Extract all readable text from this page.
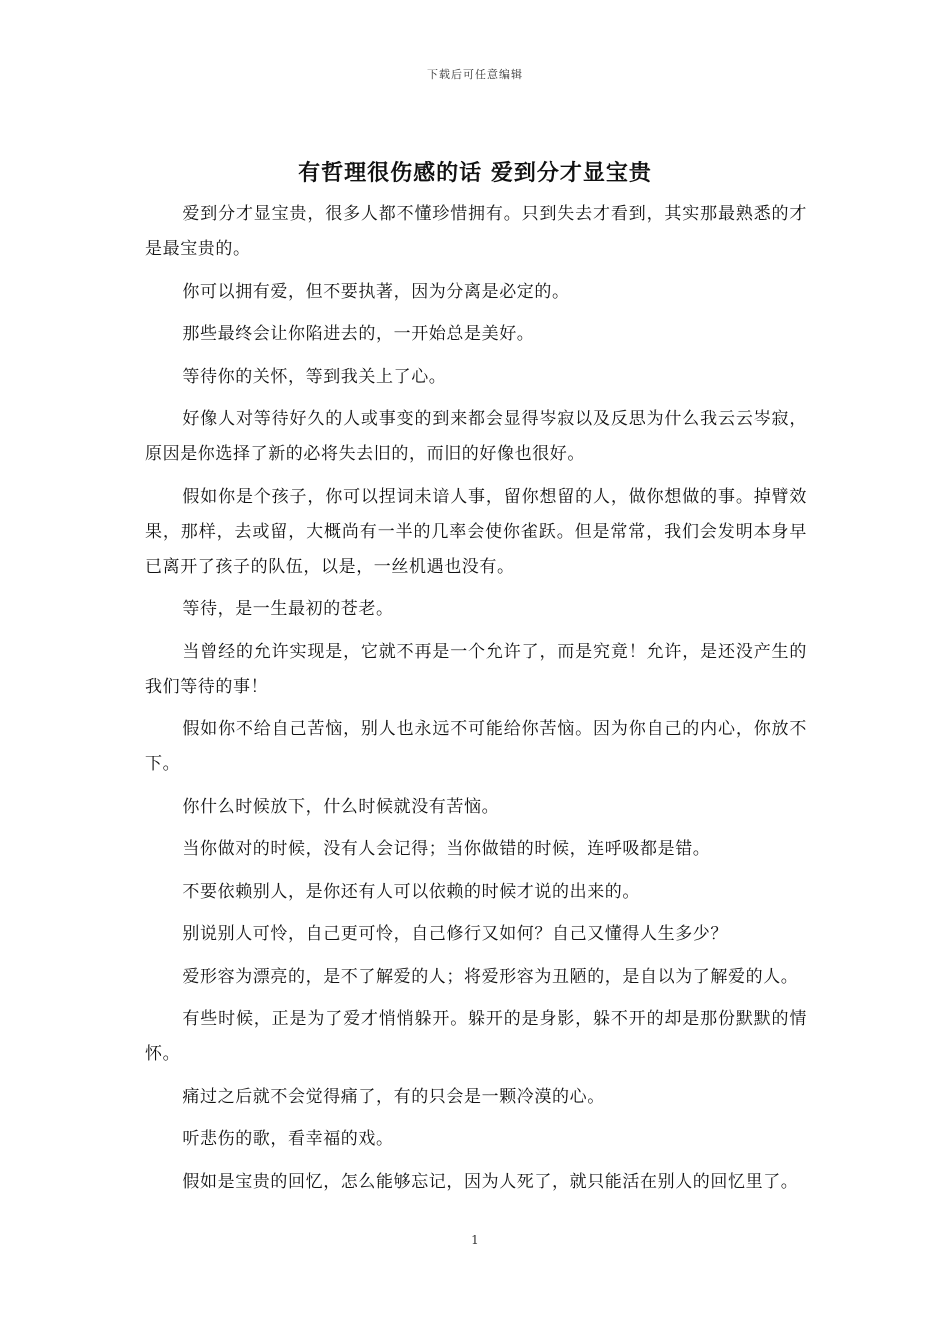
下载后可任意编辑
有哲理很伤感的话 爱到分才显宝贵

爱到分才显宝贵，很多人都不懂珍惜拥有。只到失去才看到，其实那最熟悉的才是最宝贵的。

你可以拥有爱，但不要执著，因为分离是必定的。

那些最终会让你陷进去的，一开始总是美好。

等待你的关怀，等到我关上了心。

好像人对等待好久的人或事变的到来都会显得岑寂以及反思为什么我云云岑寂，原因是你选择了新的必将失去旧的，而旧的好像也很好。

假如你是个孩子，你可以捏词未谙人事，留你想留的人，做你想做的事。掉臂效果，那样，去或留，大概尚有一半的几率会使你雀跃。但是常常，我们会发明本身早已离开了孩子的队伍，以是，一丝机遇也没有。

等待，是一生最初的苍老。

当曾经的允许实现是，它就不再是一个允许了，而是究竟！允许，是还没产生的我们等待的事！

假如你不给自己苦恼，别人也永远不可能给你苦恼。因为你自己的内心，你放不下。

你什么时候放下，什么时候就没有苦恼。

当你做对的时候，没有人会记得；当你做错的时候，连呼吸都是错。

不要依赖别人，是你还有人可以依赖的时候才说的出来的。

别说别人可怜，自己更可怜，自己修行又如何？自己又懂得人生多少？

爱形容为漂亮的，是不了解爱的人；将爱形容为丑陋的，是自以为了解爱的人。

有些时候，正是为了爱才悄悄躲开。躲开的是身影，躲不开的却是那份默默的情怀。

痛过之后就不会觉得痛了，有的只会是一颗冷漠的心。

听悲伤的歌，看幸福的戏。

假如是宝贵的回忆，怎么能够忘记，因为人死了，就只能活在别人的回忆里了。

1
